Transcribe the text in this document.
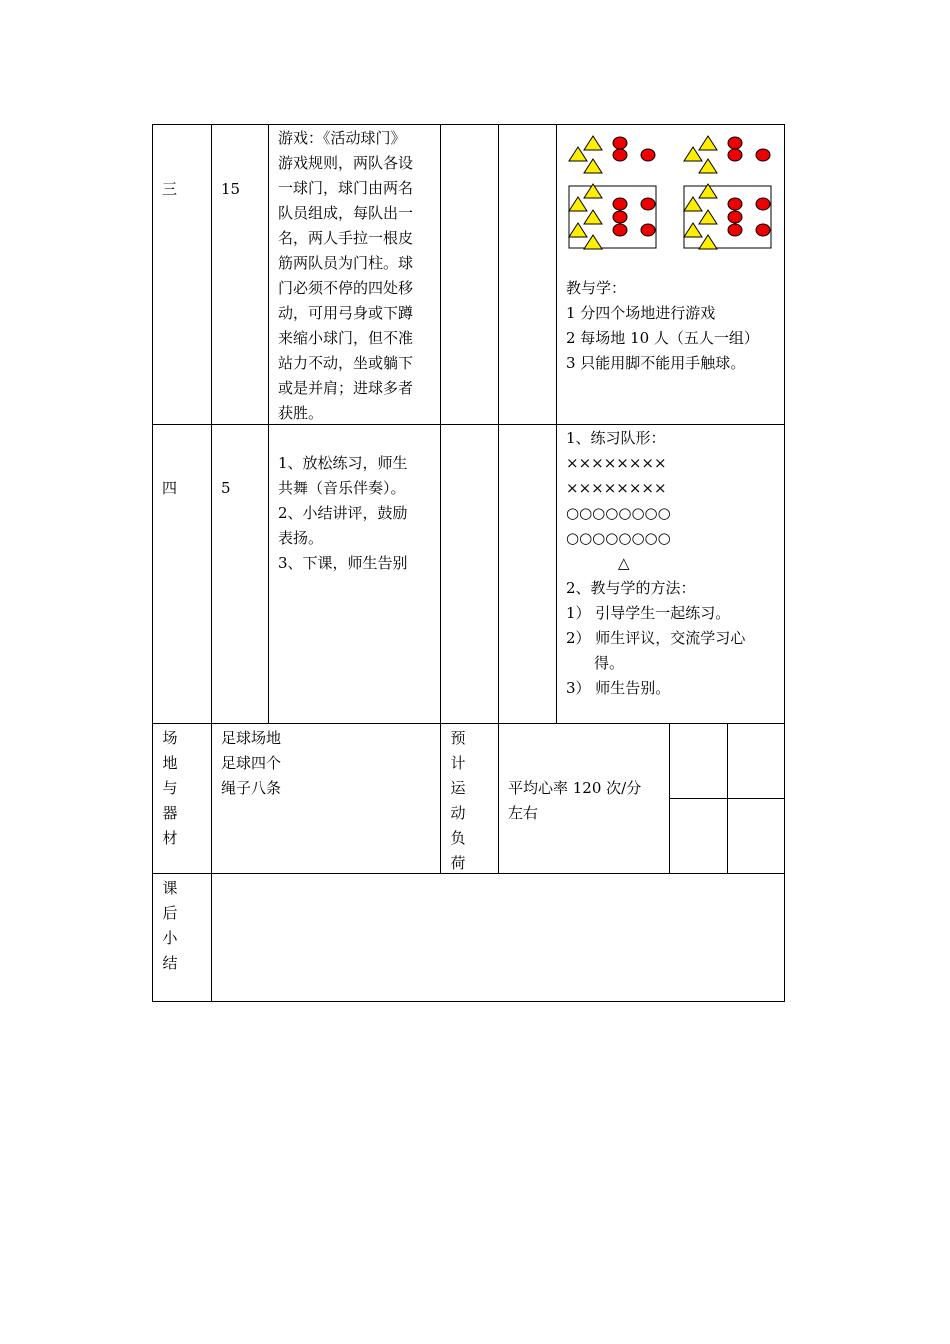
三	15
游戏：《活动球门》
游戏规则，两队各设
一球门，球门由两名
队员组成，每队出一
名，两人手拉一根皮
筋两队员为门柱。球
门必须不停的四处移
动，可用弓身或下蹲
来缩小球门，但不准
站力不动，坐或躺下
或是并肩；进球多者
获胜。
教与学：
1 分四个场地进行游戏
2 每场地 10 人（五人一组）
3 只能用脚不能用手触球。
四	5
1、放松练习，师生
共舞（音乐伴奏）。
2、小结讲评，鼓励
表扬。
3、下课，师生告别
1、练习队形：
××××××××
××××××××
○○○○○○○○
○○○○○○○○
△
2、教与学的方法：
1） 引导学生一起练习。
2） 师生评议，交流学习心
得。
3） 师生告别。
场
地
与
器
材
足球场地
足球四个
绳子八条
预
计
运
动
负
荷
平均心率 120 次/分
左右
课
后
小
结
